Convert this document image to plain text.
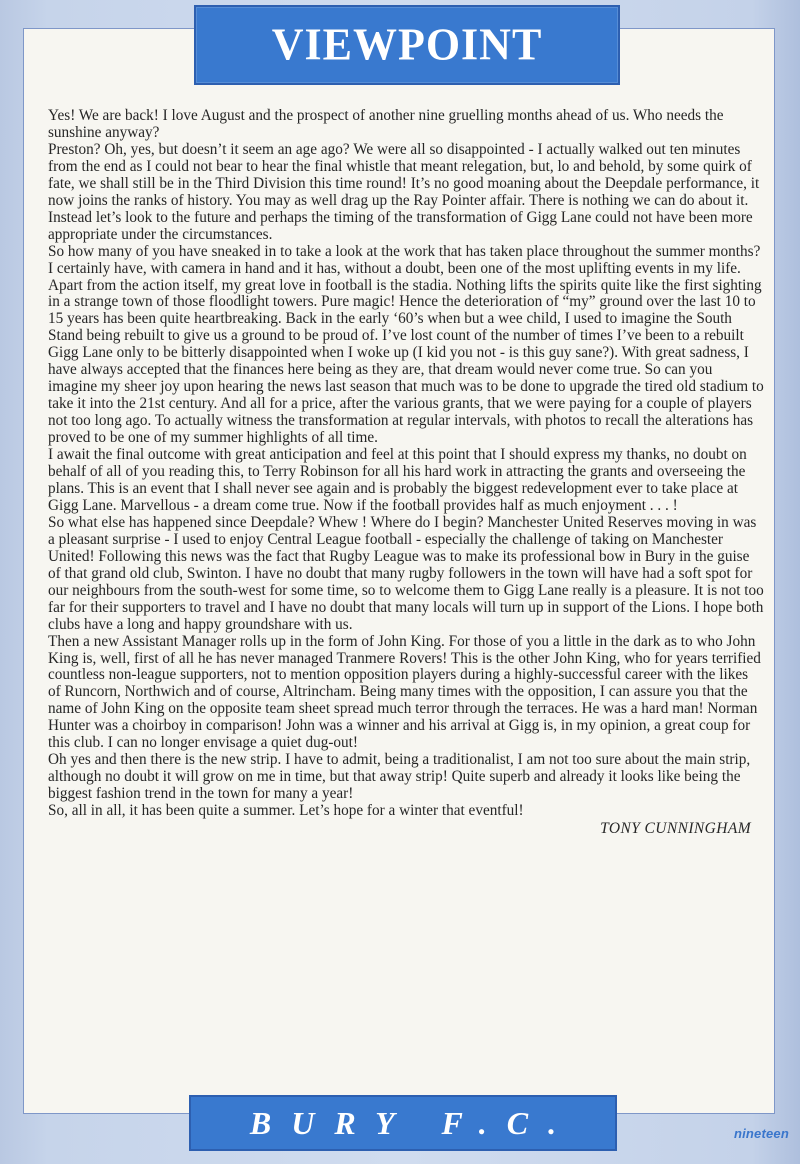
VIEWPOINT

Yes! We are back! I love August and the prospect of another nine gruelling months ahead of us. Who needs the sunshine anyway?

Preston? Oh, yes, but doesn’t it seem an age ago? We were all so disappointed - I actually walked out ten minutes from the end as I could not bear to hear the final whistle that meant relegation, but, lo and behold, by some quirk of fate, we shall still be in the Third Division this time round! It’s no good moaning about the Deepdale performance, it now joins the ranks of history. You may as well drag up the Ray Pointer affair. There is nothing we can do about it. Instead let’s look to the future and perhaps the timing of the transformation of Gigg Lane could not have been more appropriate under the circumstances.

So how many of you have sneaked in to take a look at the work that has taken place throughout the summer months? I certainly have, with camera in hand and it has, without a doubt, been one of the most uplifting events in my life. Apart from the action itself, my great love in football is the stadia. Nothing lifts the spirits quite like the first sighting in a strange town of those floodlight towers. Pure magic! Hence the deterioration of “my” ground over the last 10 to 15 years has been quite heartbreaking. Back in the early ‘60’s when but a wee child, I used to imagine the South Stand being rebuilt to give us a ground to be proud of. I’ve lost count of the number of times I’ve been to a rebuilt Gigg Lane only to be bitterly disappointed when I woke up (I kid you not - is this guy sane?). With great sadness, I have always accepted that the finances here being as they are, that dream would never come true. So can you imagine my sheer joy upon hearing the news last season that much was to be done to upgrade the tired old stadium to take it into the 21st century. And all for a price, after the various grants, that we were paying for a couple of players not too long ago. To actually witness the transformation at regular intervals, with photos to recall the alterations has proved to be one of my summer highlights of all time.

I await the final outcome with great anticipation and feel at this point that I should express my thanks, no doubt on behalf of all of you reading this, to Terry Robinson for all his hard work in attracting the grants and overseeing the plans. This is an event that I shall never see again and is probably the biggest redevelopment ever to take place at Gigg Lane. Marvellous - a dream come true. Now if the football provides half as much enjoyment . . . !

So what else has happened since Deepdale? Whew ! Where do I begin? Manchester United Reserves moving in was a pleasant surprise - I used to enjoy Central League football - especially the challenge of taking on Manchester United! Following this news was the fact that Rugby League was to make its professional bow in Bury in the guise of that grand old club, Swinton. I have no doubt that many rugby followers in the town will have had a soft spot for our neighbours from the south-west for some time, so to welcome them to Gigg Lane really is a pleasure. It is not too far for their supporters to travel and I have no doubt that many locals will turn up in support of the Lions. I hope both clubs have a long and happy groundshare with us.

Then a new Assistant Manager rolls up in the form of John King. For those of you a little in the dark as to who John King is, well, first of all he has never managed Tranmere Rovers! This is the other John King, who for years terrified countless non-league supporters, not to mention opposition players during a highly-successful career with the likes of Runcorn, Northwich and of course, Altrincham. Being many times with the opposition, I can assure you that the name of John King on the opposite team sheet spread much terror through the terraces. He was a hard man! Norman Hunter was a choirboy in comparison! John was a winner and his arrival at Gigg is, in my opinion, a great coup for this club. I can no longer envisage a quiet dug-out!

Oh yes and then there is the new strip. I have to admit, being a traditionalist, I am not too sure about the main strip, although no doubt it will grow on me in time, but that away strip! Quite superb and already it looks like being the biggest fashion trend in the town for many a year!

So, all in all, it has been quite a summer. Let’s hope for a winter that eventful!

TONY CUNNINGHAM

BURY F.C.	nineteen
